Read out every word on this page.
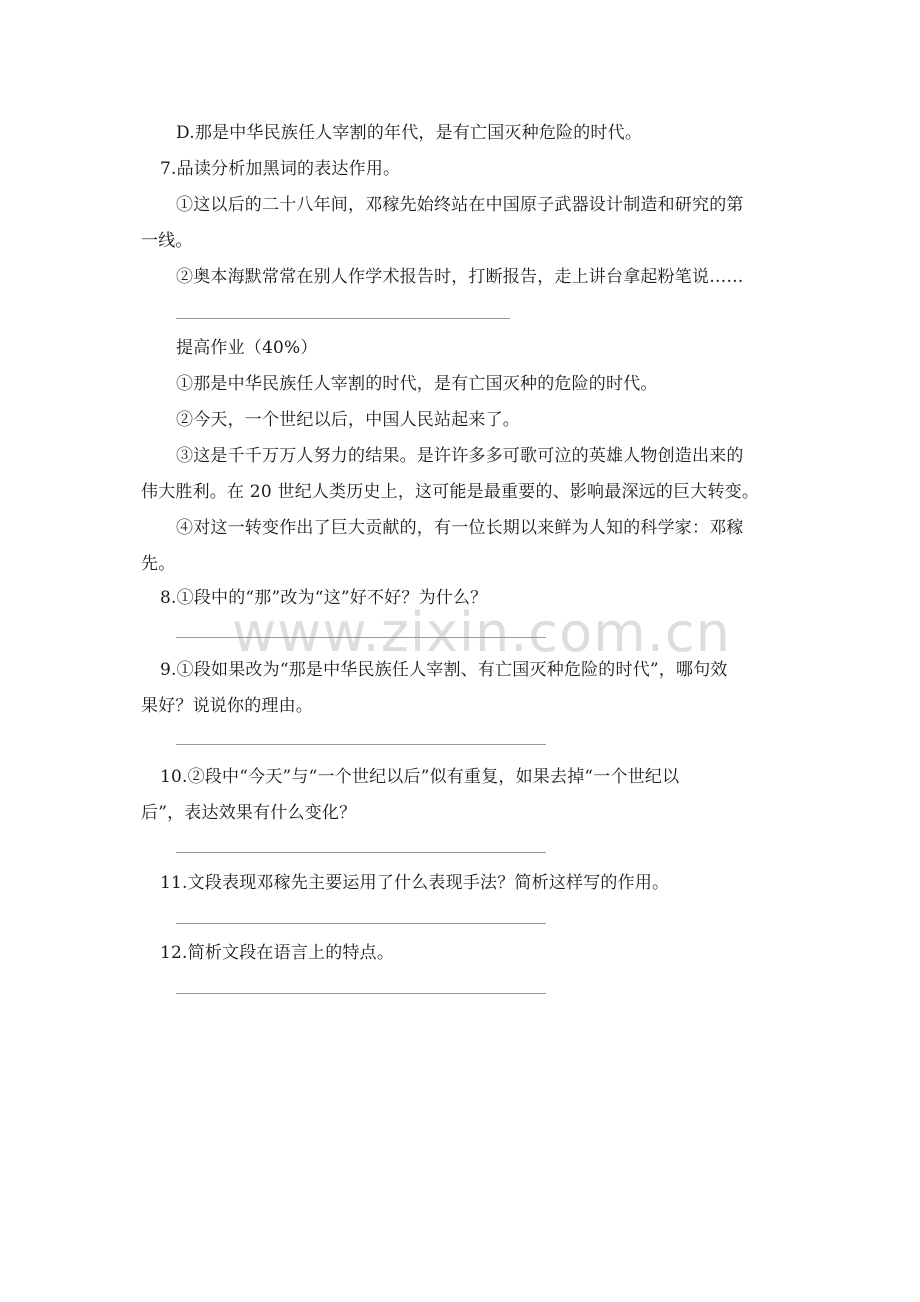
D.那是中华民族任人宰割的年代，是有亡国灭种危险的时代。
7.品读分析加黑词的表达作用。
①这以后的二十八年间，邓稼先始终站在中国原子武器设计制造和研究的第
一线。
②奥本海默常常在别人作学术报告时，打断报告，走上讲台拿起粉笔说……
提高作业（40%）
①那是中华民族任人宰割的时代，是有亡国灭种的危险的时代。
②今天，一个世纪以后，中国人民站起来了。
③这是千千万万人努力的结果。是许许多多可歌可泣的英雄人物创造出来的
伟大胜利。在 20 世纪人类历史上，这可能是最重要的、影响最深远的巨大转变。
④对这一转变作出了巨大贡献的，有一位长期以来鲜为人知的科学家：邓稼
先。
8.①段中的“那”改为“这”好不好？为什么？
www.zixin.com.cn
9.①段如果改为“那是中华民族任人宰割、有亡国灭种危险的时代”，哪句效
果好？说说你的理由。
10.②段中“今天”与“一个世纪以后”似有重复，如果去掉“一个世纪以
后”，表达效果有什么变化？
11.文段表现邓稼先主要运用了什么表现手法？简析这样写的作用。
12.简析文段在语言上的特点。
